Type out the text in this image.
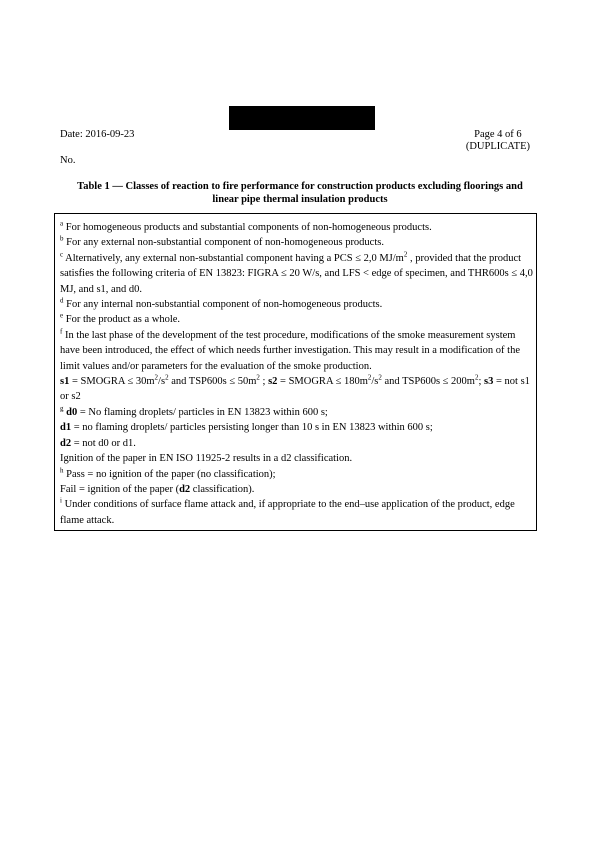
Date: 2016-09-23	Page 4 of 6
(DUPLICATE)
No.
Table 1 — Classes of reaction to fire performance for construction products excluding floorings and
linear pipe thermal insulation products

$^a$ For homogeneous products and substantial components of non-homogeneous products.

$^b$ For any external non-substantial component of non-homogeneous products.

$^c$ Alternatively, any external non-substantial component having a PCS ≤ 2,0 $MJ/m^2$ , provided that the product satisfies the following criteria of EN 13823: FIGRA ≤ 20 W/s, and LFS < edge of specimen, and THR600s ≤ 4,0 MJ, and s1, and d0.

$^d$ For any internal non-substantial component of non-homogeneous products.

$^e$ For the product as a whole.

$^f$ In the last phase of the development of the test procedure, modifications of the smoke measurement system have been introduced, the effect of which needs further investigation. This may result in a modification of the limit values and/or parameters for the evaluation of the smoke production.

s1 = SMOGRA ≤ $30m^2/s^2$ and $TSP600s \le 50m^2$ ; s2 = SMOGRA ≤ $180m^2/s^2$ and $TSP600s \le 200m^2$; s3 = not s1 or s2

$^g$ d0 = No flaming droplets/ particles in EN 13823 within 600 s;

d1 = no flaming droplets/ particles persisting longer than 10 s in EN 13823 within 600 s;

d2 = not d0 or d1.

Ignition of the paper in EN ISO 11925-2 results in a d2 classification.

$^h$ Pass = no ignition of the paper (no classification);

Fail = ignition of the paper (d2 classification).

$^i$ Under conditions of surface flame attack and, if appropriate to the end–use application of the product, edge flame attack.
